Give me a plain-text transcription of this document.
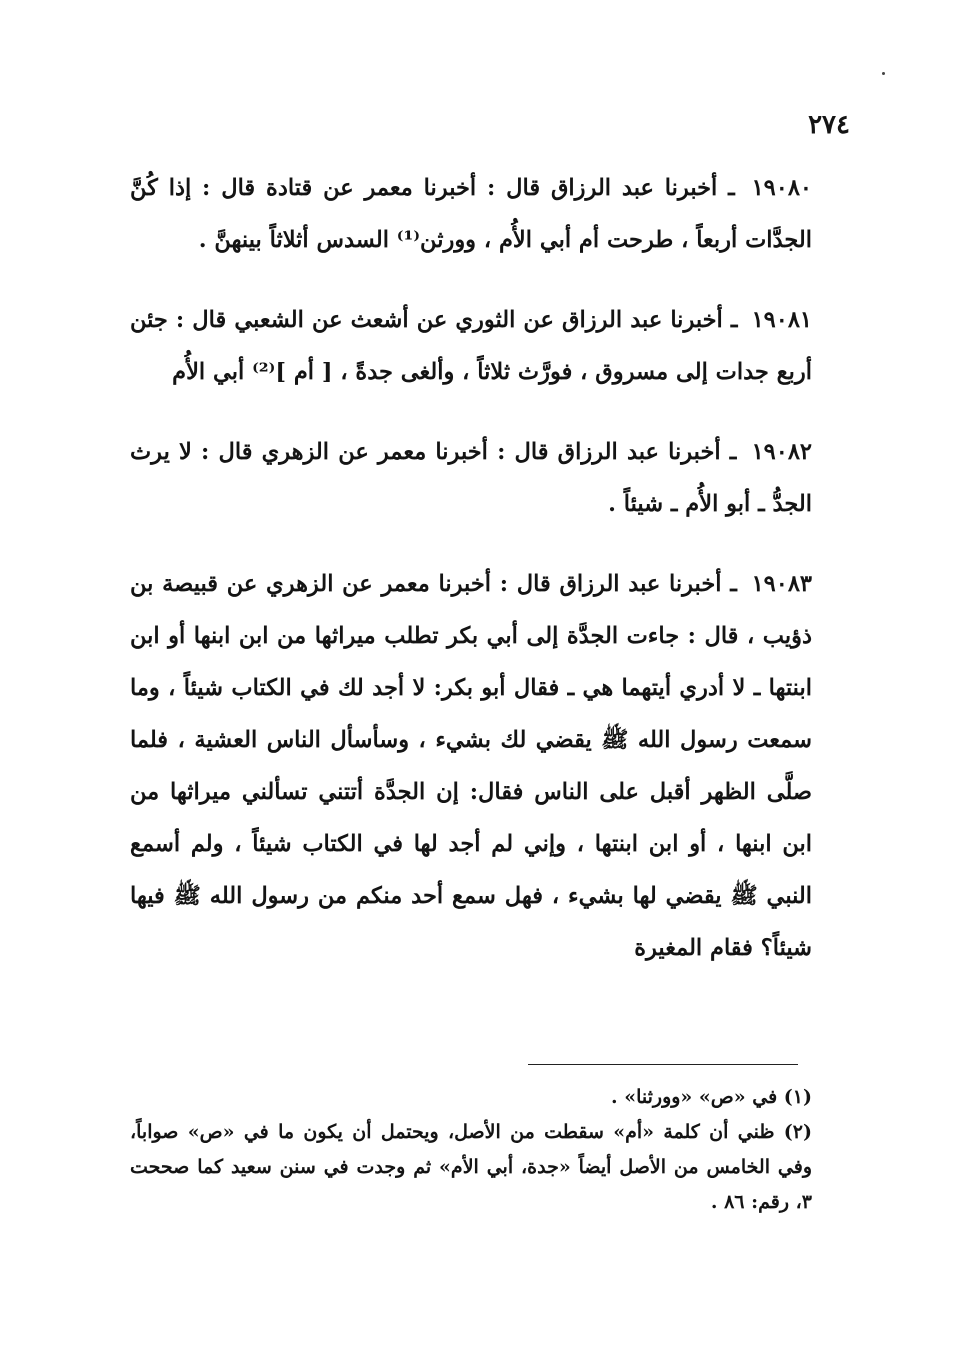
٢٧٤

١٩٠٨٠ ـ أخبرنا عبد الرزاق قال : أخبرنا معمر عن قتادة قال : إذا كُنَّ الجدَّات أربعاً ، طرحت أم أبي الأُم ، وورثن⁽¹⁾ السدس أثلاثاً بينهنَّ .

١٩٠٨١ ـ أخبرنا عبد الرزاق عن الثوري عن أشعث عن الشعبي قال : جئن أربع جدات إلى مسروق ، فورَّث ثلاثاً ، وألغى جدةً ، [ أم ]⁽²⁾ أبي الأُم

١٩٠٨٢ ـ أخبرنا عبد الرزاق قال : أخبرنا معمر عن الزهري قال : لا يرث الجدُّ ـ أبو الأُم ـ شيئاً .

١٩٠٨٣ ـ أخبرنا عبد الرزاق قال : أخبرنا معمر عن الزهري عن قبيصة بن ذؤيب ، قال : جاءت الجدَّة إلى أبي بكر تطلب ميراثها من ابن ابنها أو ابن ابنتها ـ لا أدري أيتهما هي ـ فقال أبو بكر: لا أجد لك في الكتاب شيئاً ، وما سمعت رسول الله ﷺ يقضي لك بشيء ، وسأسأل الناس العشية ، فلما صلَّى الظهر أقبل على الناس فقال: إن الجدَّة أتتني تسألني ميراثها من ابن ابنها ، أو ابن ابنتها ، وإني لم أجد لها في الكتاب شيئاً ، ولم أسمع النبي ﷺ يقضي لها بشيء ، فهل سمع أحد منكم من رسول الله ﷺ فيها شيئاً؟ فقام المغيرة

(١) في «ص» «وورثنا» .

(٢) ظني أن كلمة «أم» سقطت من الأصل، ويحتمل أن يكون ما في «ص» صواباً، وفي الخامس من الأصل أيضاً «جدة، أبي الأم» ثم وجدت في سنن سعيد كما صححت ٣، رقم: ٨٦ .
